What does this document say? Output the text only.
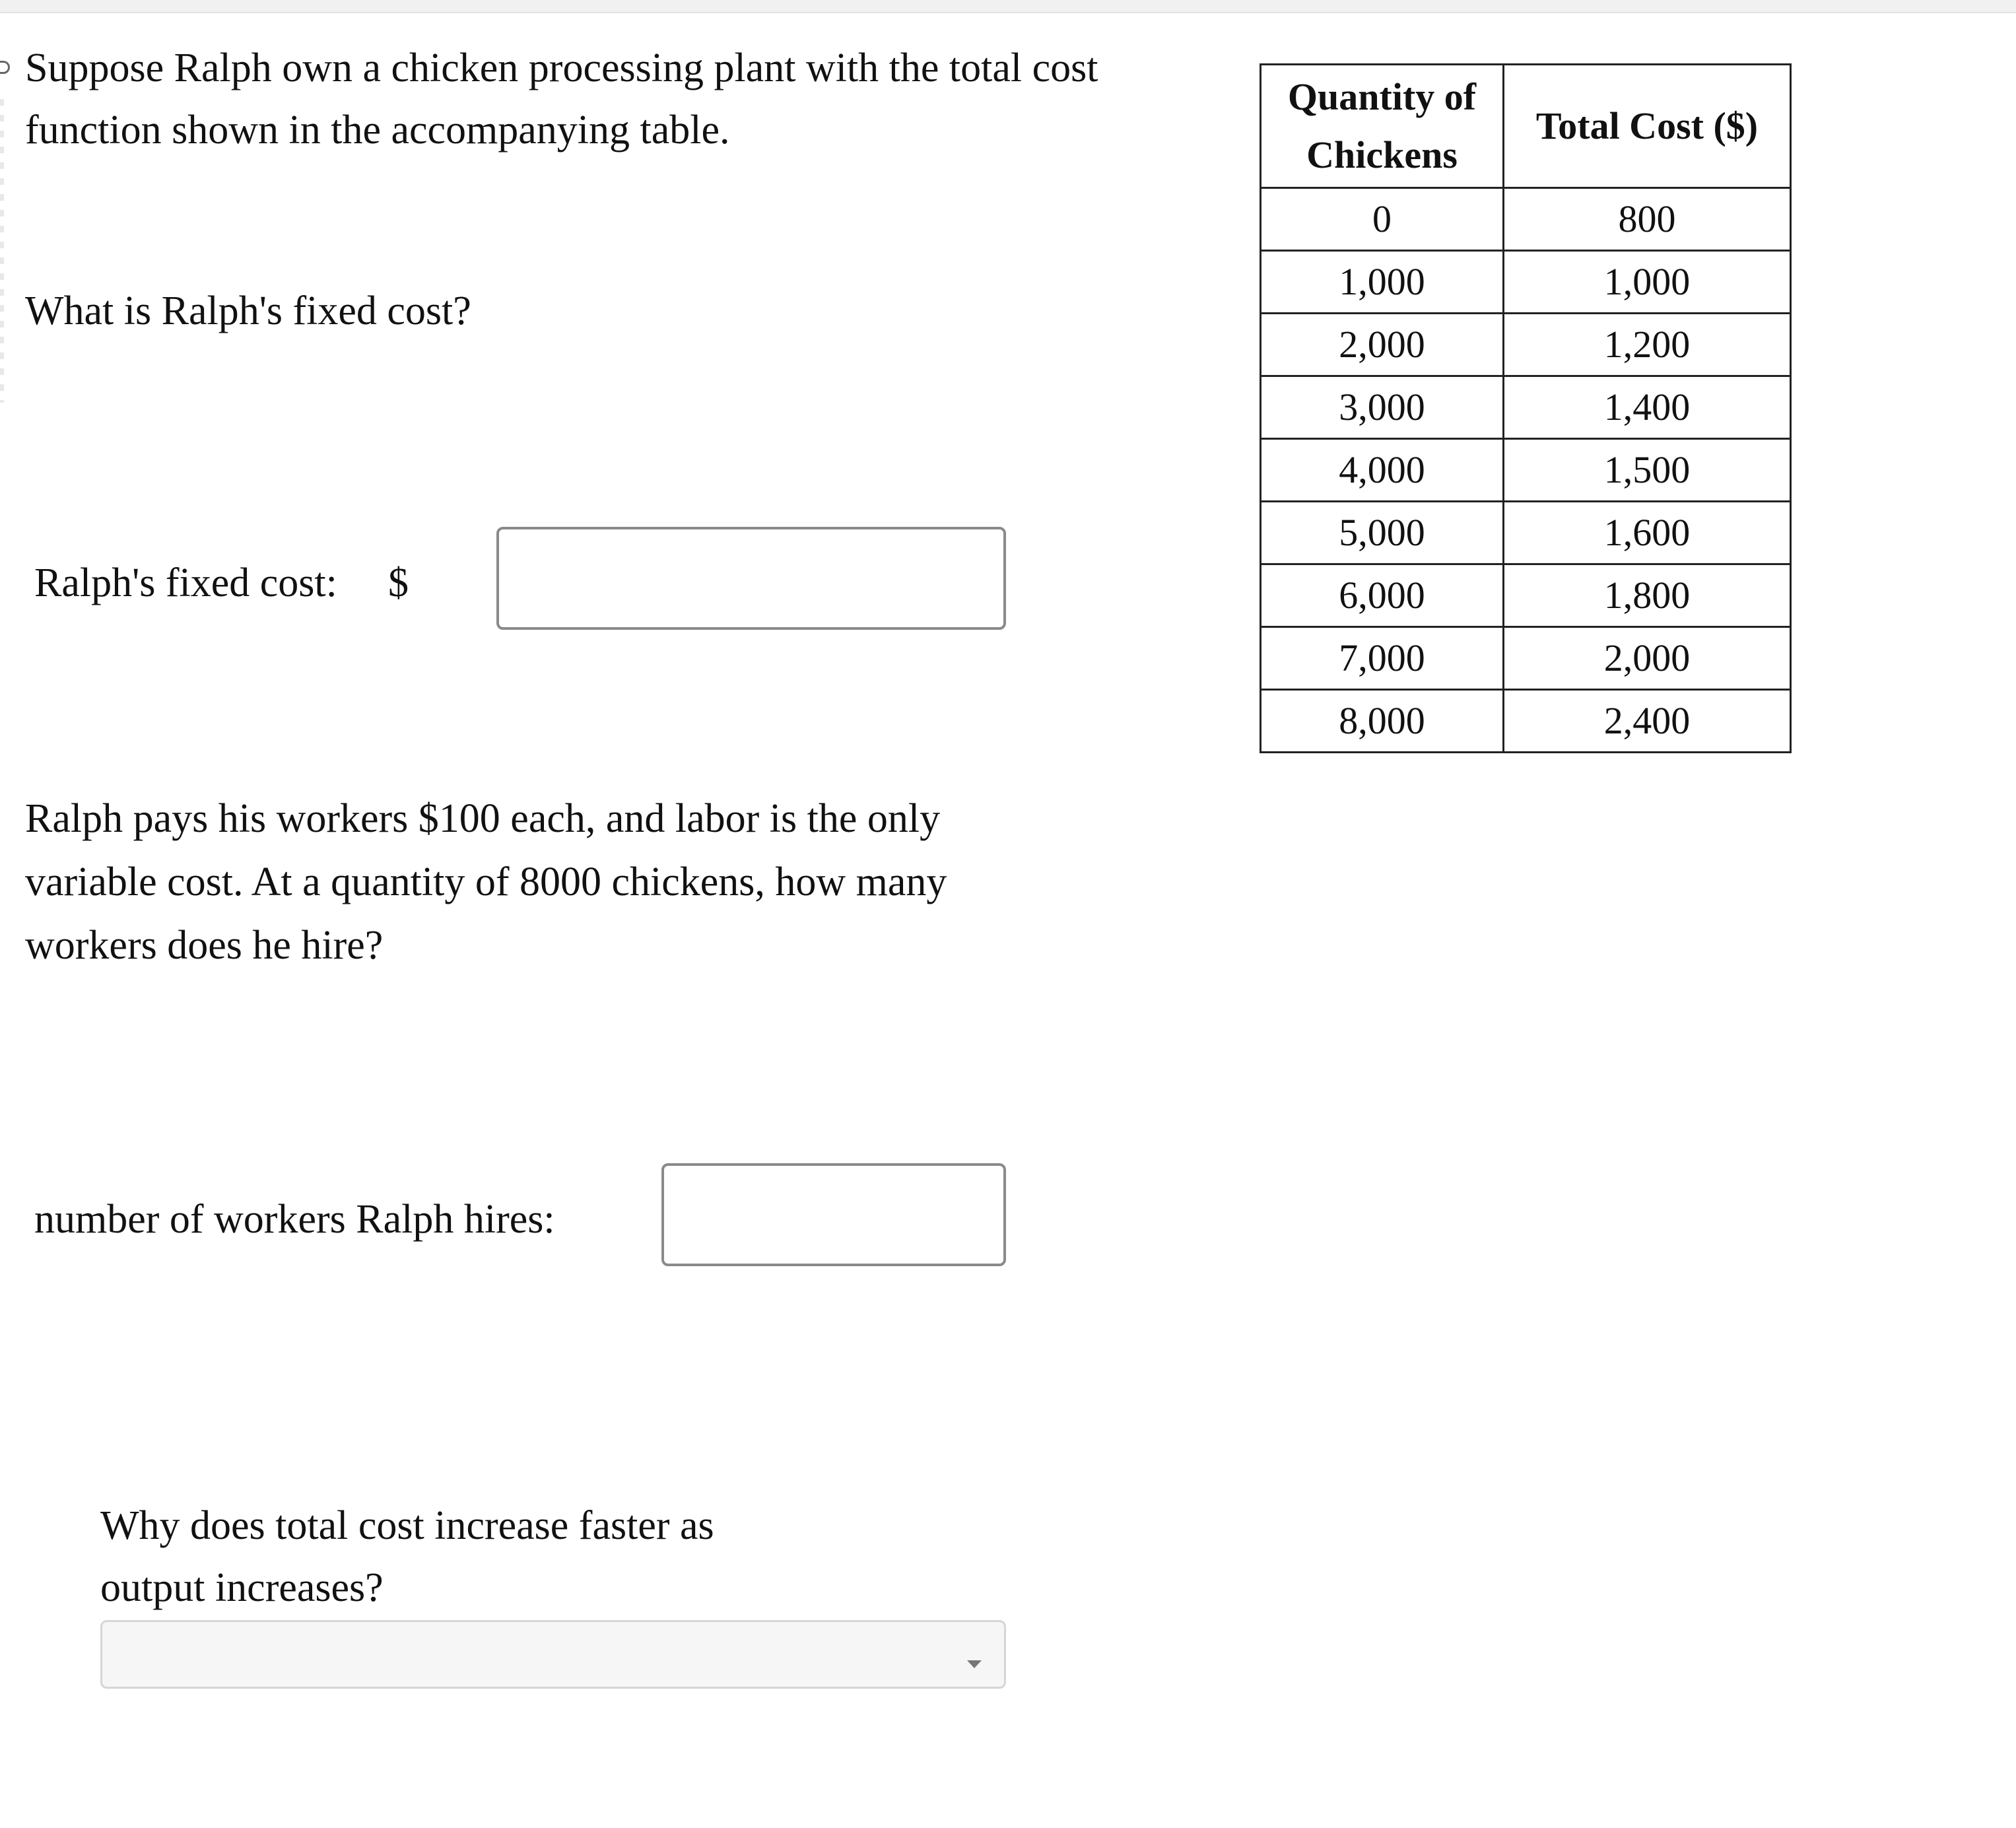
Suppose Ralph own a chicken processing plant with the total cost function shown in the accompanying table.

What is Ralph's fixed cost?

Ralph's fixed cost: $

Ralph pays his workers $100 each, and labor is the only variable cost. At a quantity of 8000 chickens, how many workers does he hire?

number of workers Ralph hires:

Why does total cost increase faster as output increases?

Quantity of Chickens	Total Cost ($)
0	800
1,000	1,000
2,000	1,200
3,000	1,400
4,000	1,500
5,000	1,600
6,000	1,800
7,000	2,000
8,000	2,400
